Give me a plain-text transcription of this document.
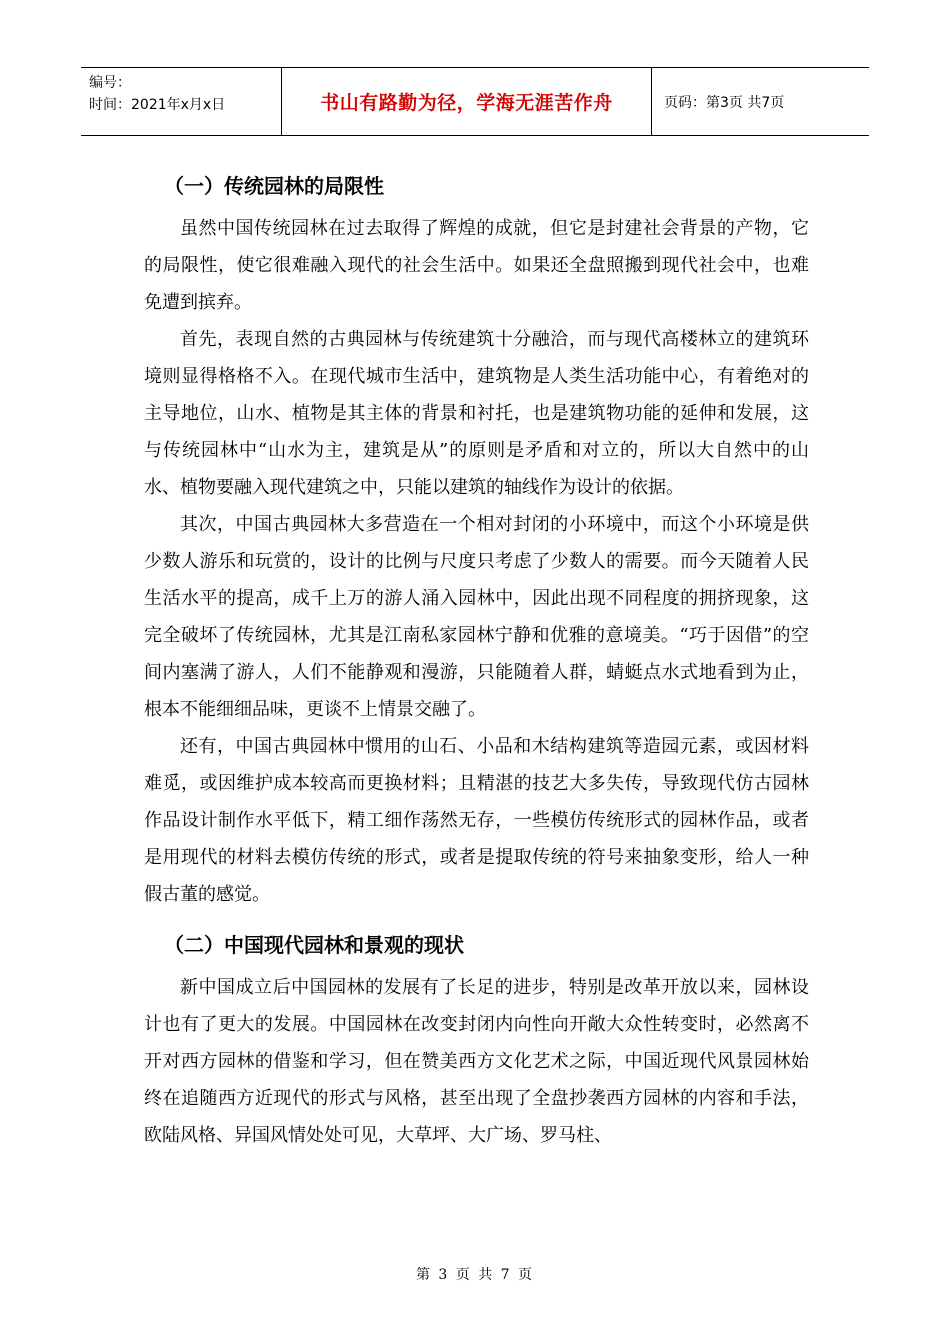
编号：
时间：2021年x月x日	书山有路勤为径，学海无涯苦作舟	页码：第3页 共7页
（一）传统园林的局限性

虽然中国传统园林在过去取得了辉煌的成就，但它是封建社会背景的产物，它的局限性，使它很难融入现代的社会生活中。如果还全盘照搬到现代社会中，也难免遭到摈弃。

首先，表现自然的古典园林与传统建筑十分融洽，而与现代高楼林立的建筑环境则显得格格不入。在现代城市生活中，建筑物是人类生活功能中心，有着绝对的主导地位，山水、植物是其主体的背景和衬托，也是建筑物功能的延伸和发展，这与传统园林中“山水为主，建筑是从”的原则是矛盾和对立的，所以大自然中的山水、植物要融入现代建筑之中，只能以建筑的轴线作为设计的依据。

其次，中国古典园林大多营造在一个相对封闭的小环境中，而这个小环境是供少数人游乐和玩赏的，设计的比例与尺度只考虑了少数人的需要。而今天随着人民生活水平的提高，成千上万的游人涌入园林中，因此出现不同程度的拥挤现象，这完全破坏了传统园林，尤其是江南私家园林宁静和优雅的意境美。“巧于因借”的空间内塞满了游人，人们不能静观和漫游，只能随着人群，蜻蜓点水式地看到为止，根本不能细细品味，更谈不上情景交融了。

还有，中国古典园林中惯用的山石、小品和木结构建筑等造园元素，或因材料难觅，或因维护成本较高而更换材料；且精湛的技艺大多失传，导致现代仿古园林作品设计制作水平低下，精工细作荡然无存，一些模仿传统形式的园林作品，或者是用现代的材料去模仿传统的形式，或者是提取传统的符号来抽象变形，给人一种假古董的感觉。

（二）中国现代园林和景观的现状

新中国成立后中国园林的发展有了长足的进步，特别是改革开放以来，园林设计也有了更大的发展。中国园林在改变封闭内向性向开敞大众性转变时，必然离不开对西方园林的借鉴和学习，但在赞美西方文化艺术之际，中国近现代风景园林始终在追随西方近现代的形式与风格，甚至出现了全盘抄袭西方园林的内容和手法，欧陆风格、异国风情处处可见，大草坪、大广场、罗马柱、

第 3 页 共 7 页
